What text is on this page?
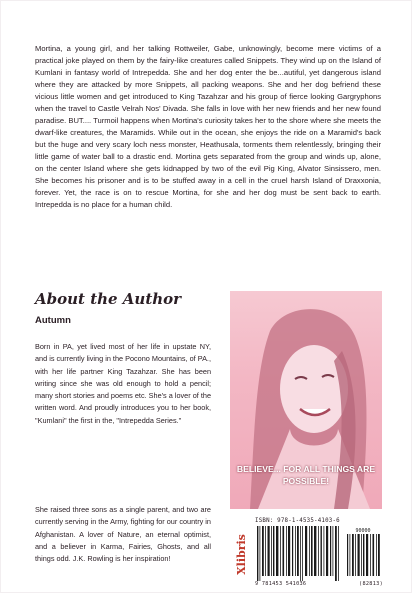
Mortina, a young girl, and her talking Rottweiler, Gabe, unknowingly, become mere victims of a practical joke played on them by the fairy-like creatures called Snippets. They wind up on the Island of Kumlani in fantasy world of Intrepedda. She and her dog enter the be...autiful, yet dangerous island where they are attacked by more Snippets, all packing weapons. She and her dog befriend these vicious little women and get introduced to King Tazahzar and his group of fierce looking Gargryphons when the travel to Castle Velrah Nos' Divada. She falls in love with her new friends and her new found paradise. BUT.... Turmoil happens when Mortina's curiosity takes her to the shore where she meets the dwarf-like creatures, the Maramids. While out in the ocean, she enjoys the ride on a Maramid's back but the huge and very scary loch ness monster, Heathusala, torments them relentlessly, bringing their little game of water ball to a drastic end. Mortina gets separated from the group and winds up, alone, on the center Island where she gets kidnapped by two of the evil Pig King, Alvator Sinsissero, men. She becomes his prisoner and is to be stuffed away in a cell in the cruel harsh Island of Draxxonia, forever. Yet, the race is on to rescue Mortina, for she and her dog must be sent back to earth. Intrepedda is no place for a human child.

About the Author

Autumn

Born in PA, yet lived most of her life in upstate NY, and is currently living in the Pocono Mountains, of PA., with her life partner King Tazahzar. She has been writing since she was old enough to hold a pencil; many short stories and poems etc. She's a lover of the written word. And proudly introduces you to her book, "Kumlani" the first in the, "Intrepedda Series."

She raised three sons as a single parent, and two are currently serving in the Army, fighting for our country in Afghanistan. A lover of Nature, an eternal optimist, and a believer in Karma, Fairies, Ghosts, and all things odd. J.K. Rowling is her inspiration!

BELIEVE... FOR ALL THINGS ARE POSSIBLE!

Xlibris

ISBN: 978-1-4535-4103-6

90000

9 781453 541036	(82813)
